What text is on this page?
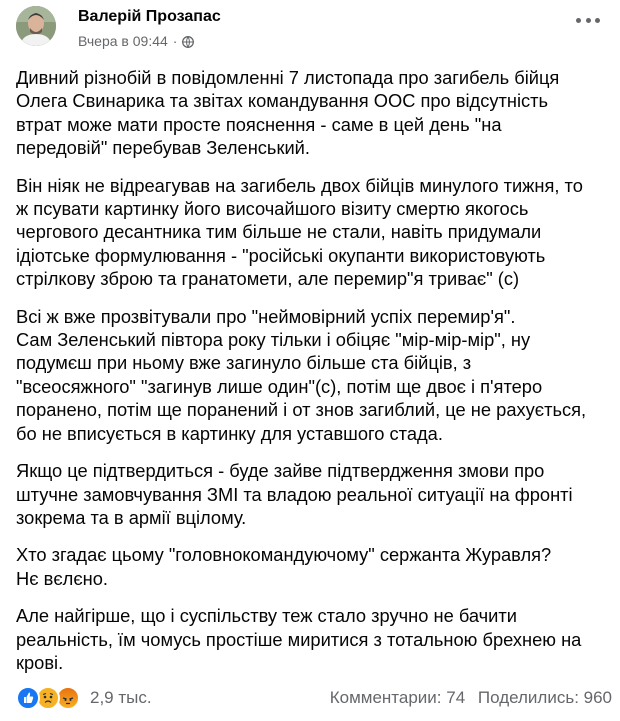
Валерій Прозапас
Вчера в 09:44 ·

Дивний різнобій в повідомленні 7 листопада про загибель бійця
Олега Свинарика та звітах командування ООС про відсутність
втрат може мати просте пояснення - саме в цей день "на
передовій" перебував Зеленський.

Він ніяк не відреагував на загибель двох бійців минулого тижня, то
ж псувати картинку його височайшого візиту смертю якогось
чергового десантника тим більше не стали, навіть придумали
ідіотське формулювання - "російські окупанти використовують
стрілкову зброю та гранатомети, але перемир"я триває" (с)

Всі ж вже прозвітували про "неймовірний успіх перемир'я".
Сам Зеленський півтора року тільки і обіцяє "мір-мір-мір", ну
подумєш при ньому вже загинуло більше ста бійців, з
"всеосяжного" "загинув лише один"(с), потім ще двоє і п'ятеро
поранено, потім ще поранений і от знов загиблий, це не рахується,
бо не вписується в картинку для уставшого стада.

Якщо це підтвердиться - буде зайве підтвердження змови про
штучне замовчування ЗМІ та владою реальної ситуації на фронті
зокрема та в армії вцілому.

Хто згадає цьому "головнокомандуючому" сержанта Журавля?
Нє вєлєно.

Але найгірше, що і суспільству теж стало зручно не бачити
реальність, їм чомусь простіше миритися з тотальною брехнею на
крові.

2,9 тыс.	Комментарии: 74 Поделились: 960
